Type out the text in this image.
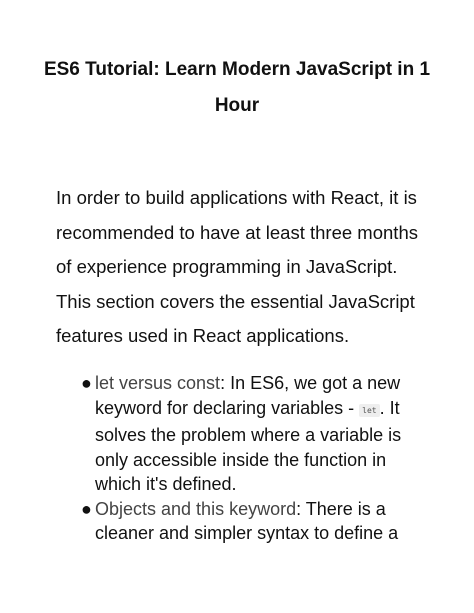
ES6 Tutorial: Learn Modern JavaScript in 1 Hour

In order to build applications with React, it is recommended to have at least three months of experience programming in JavaScript. This section covers the essential JavaScript features used in React applications.

● let versus const: In ES6, we got a new keyword for declaring variables - let . It solves the problem where a variable is only accessible inside the function in which it's defined.
● Objects and this keyword: There is a cleaner and simpler syntax to define a
